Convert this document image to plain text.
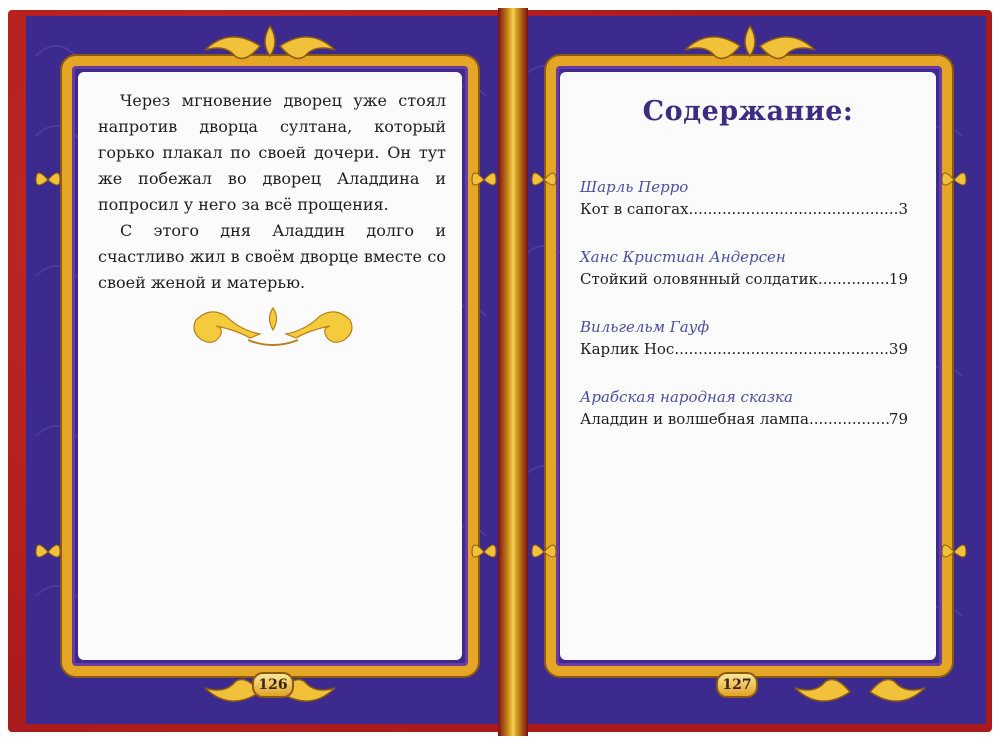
Через мгновение дворец уже стоял напротив дворца султана, который горько плакал по своей дочери. Он тут же побежал во дворец Аладдина и попросил у него за всё прощения.

С этого дня Аладдин долго и счастливо жил в своём дворце вместе со своей женой и матерью.

Содержание:
Шарль Перро
Кот в сапогах .....	3
Ханс Кристиан Андерсен
Стойкий оловянный солдатик .....	19
Вильгельм Гауф
Карлик Нос .....	39
Арабская народная сказка
Аладдин и волшебная лампа .....	79
126	127
